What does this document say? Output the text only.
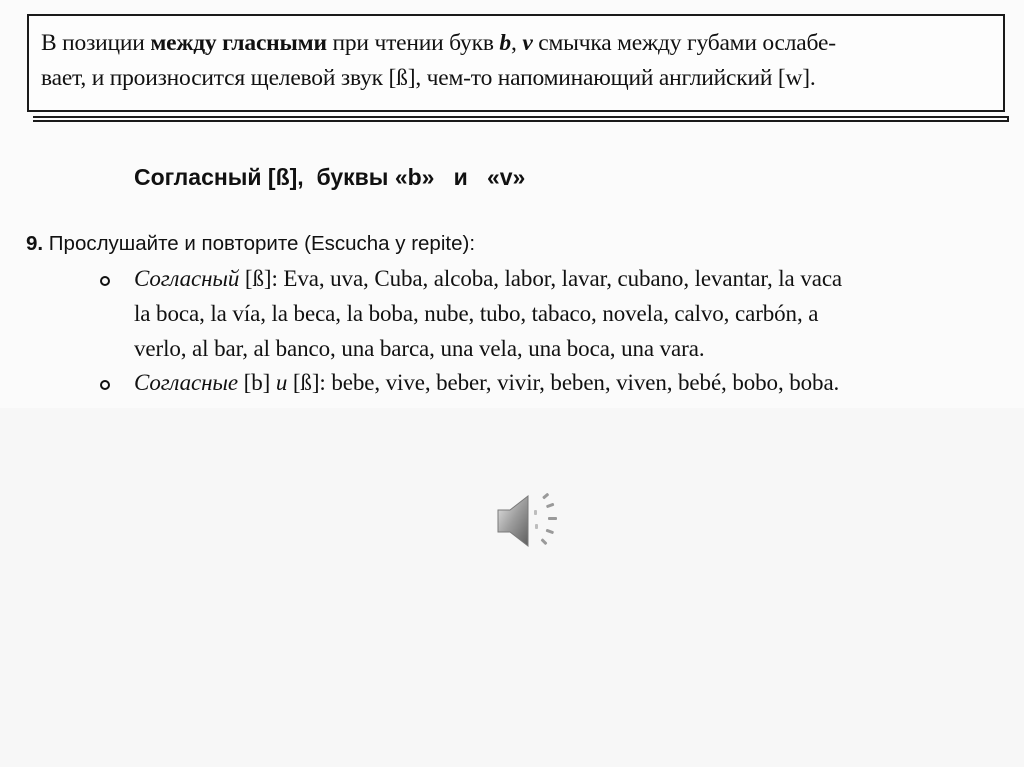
В позиции между гласными при чтении букв b, v смычка между губами ослабе-
вает, и произносится щелевой звук [ß], чем-то напоминающий английский [w].
Согласный [ß],  буквы «b»   и   «v»
9. Прослушайте и повторите (Escucha y repite):
Согласный [ß]: Eva, uva, Cuba, alcoba, labor, lavar, cubano, levantar, la vaca
la boca, la vía, la beca, la boba, nube, tubo, tabaco, novela, calvo, carbón, a
verlo, al bar, al banco, una barca, una vela, una boca, una vara.
Согласные [b] и [ß]: bebe, vive, beber, vivir, beben, viven, bebé, bobo, boba.
